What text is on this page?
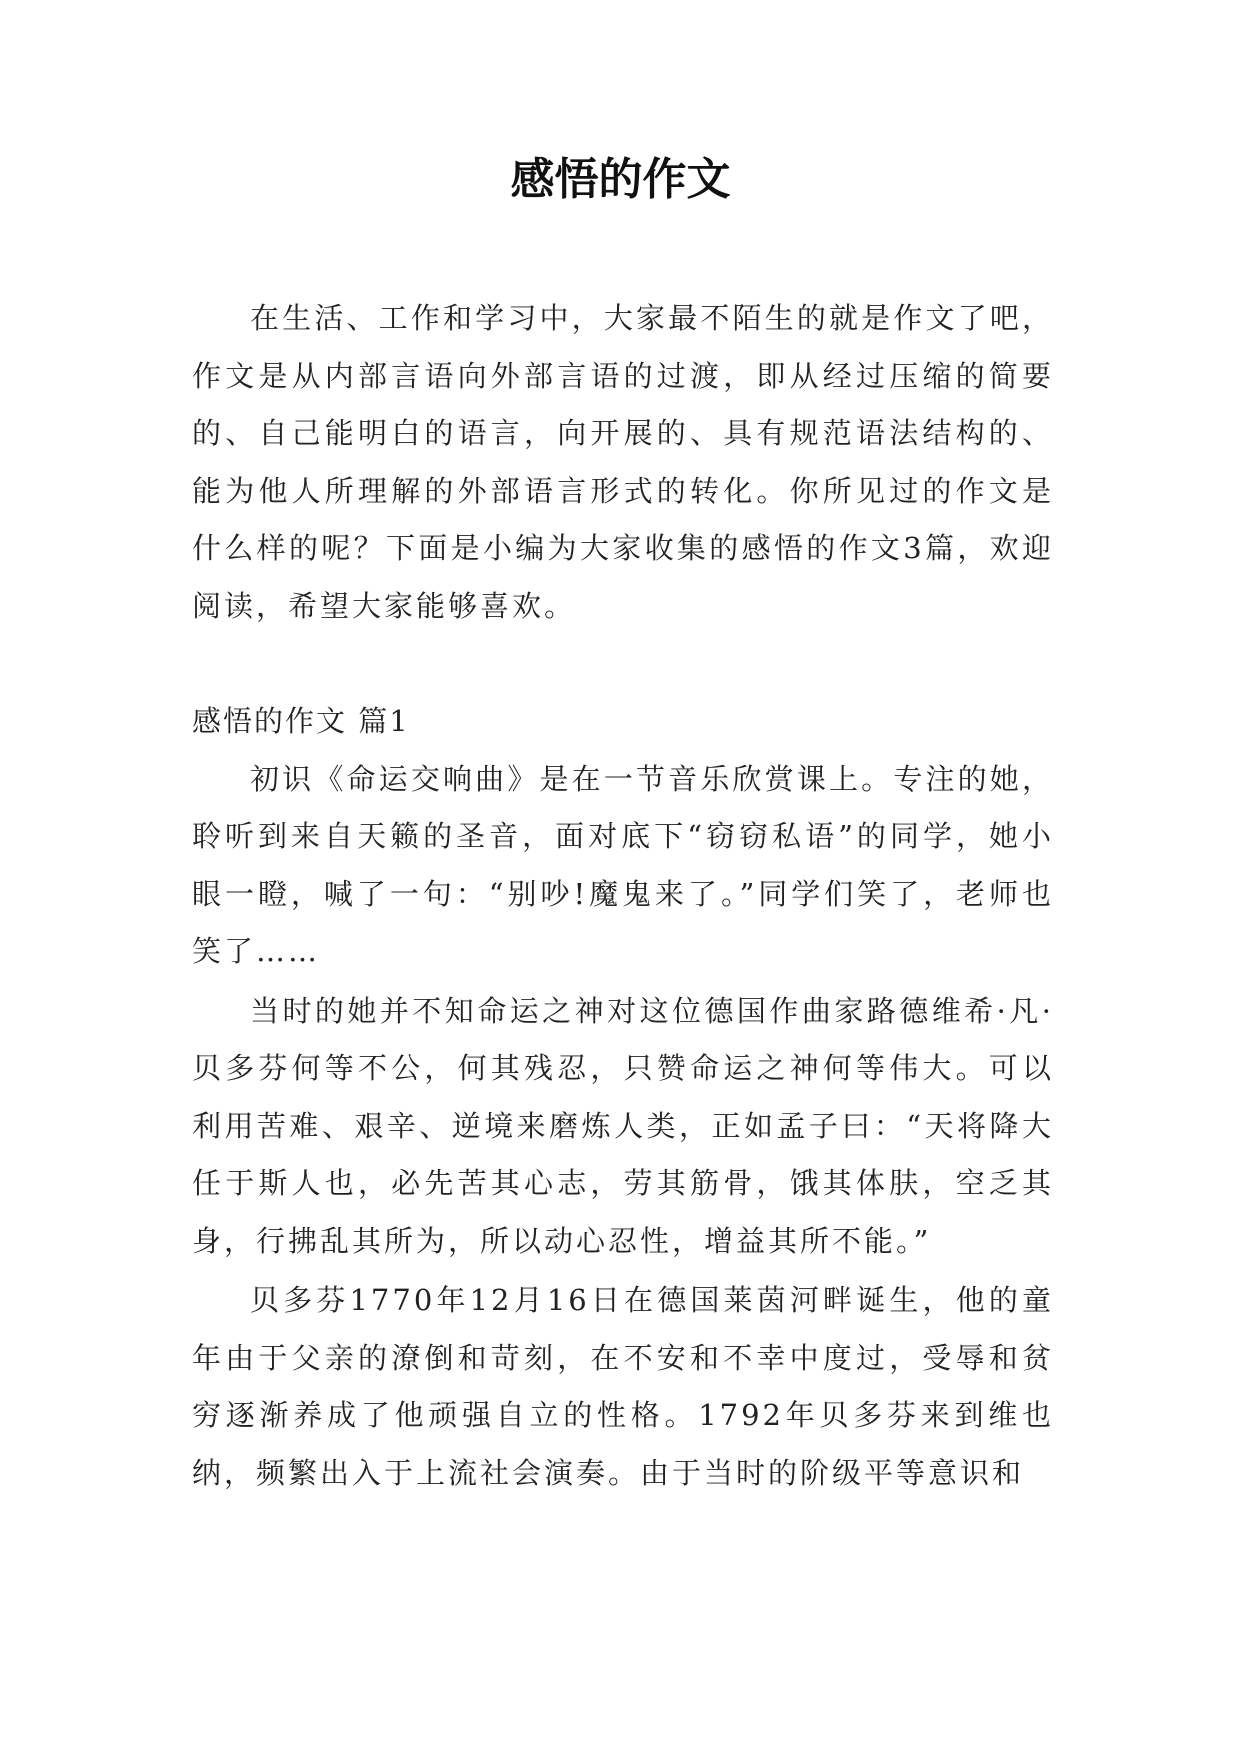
感悟的作文

在生活、工作和学习中，大家最不陌生的就是作文了吧，作文是从内部言语向外部言语的过渡，即从经过压缩的简要的、自己能明白的语言，向开展的、具有规范语法结构的、能为他人所理解的外部语言形式的转化。你所见过的作文是什么样的呢？下面是小编为大家收集的感悟的作文3篇，欢迎阅读，希望大家能够喜欢。

感悟的作文 篇1

初识《命运交响曲》是在一节音乐欣赏课上。专注的她，聆听到来自天籁的圣音，面对底下“窃窃私语”的同学，她小眼一瞪，喊了一句：“别吵!魔鬼来了。”同学们笑了，老师也笑了……

当时的她并不知命运之神对这位德国作曲家路德维希·凡·贝多芬何等不公，何其残忍，只赞命运之神何等伟大。可以利用苦难、艰辛、逆境来磨炼人类，正如孟子曰：“天将降大任于斯人也，必先苦其心志，劳其筋骨，饿其体肤，空乏其身，行拂乱其所为，所以动心忍性，增益其所不能。”

贝多芬1770年12月16日在德国莱茵河畔诞生，他的童年由于父亲的潦倒和苛刻，在不安和不幸中度过，受辱和贫穷逐渐养成了他顽强自立的性格。1792年贝多芬来到维也纳，频繁出入于上流社会演奏。由于当时的阶级平等意识和
